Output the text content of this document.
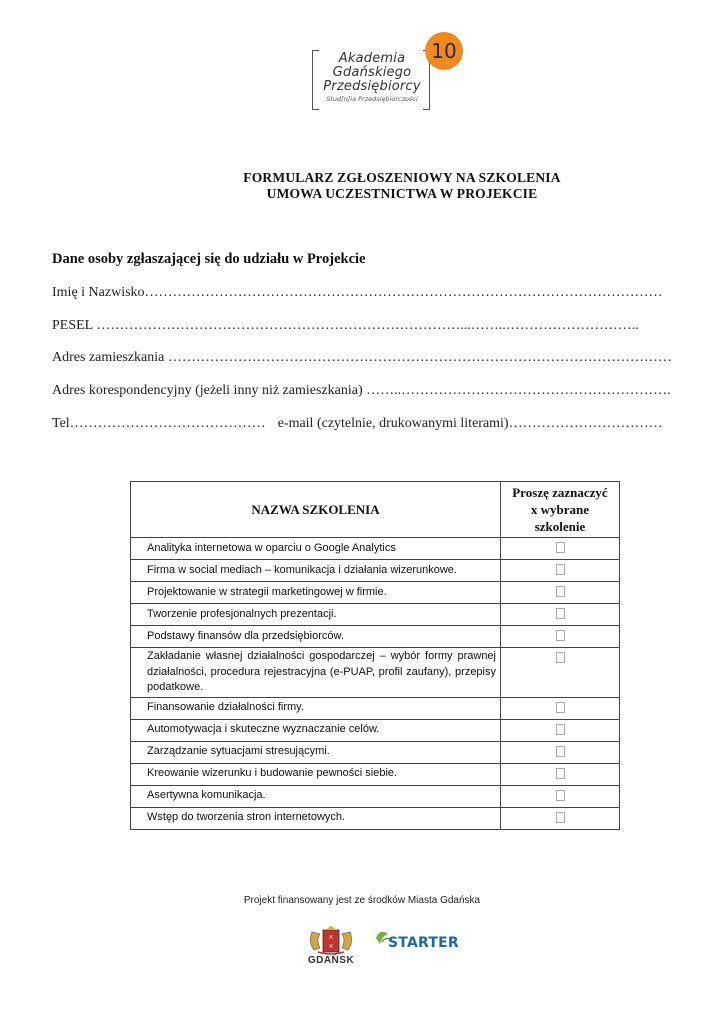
Akademia
Gdańskiego
Przedsiębiorcy
Stud[n]ia Przedsiębiorczości
10
FORMULARZ ZGŁOSZENIOWY NA SZKOLENIA
UMOWA UCZESTNICTWA W PROJEKCIE
Dane osoby zgłaszającej się do udziału w Projekcie
Imię i Nazwisko…………………………………………………………………………………………………
PESEL ……………………………………………………………………...……..………………………..
Adres zamieszkania ………………………………………………………………………………………………
Adres korespondencyjny (jeżeli inny niż zamieszkania) ……..………………………………………………….
Tel…………………………………… e-mail (czytelnie, drukowanymi literami)……………………………
NAZWA SZKOLENIA	Proszę zaznaczyć
x wybrane
szkolenie

Analityka internetowa w oparciu o Google Analytics	
Firma w social mediach – komunikacja i działania wizerunkowe.	
Projektowanie w strategii marketingowej w firmie.	
Tworzenie profesjonalnych prezentacji.	
Podstawy finansów dla przedsiębiorców.	
Zakładanie własnej działalności gospodarczej – wybór formy prawnej działalności, procedura rejestracyjna (e-PUAP, profil zaufany), przepisy podatkowe.	
Finansowanie działalności firmy.	
Automotywacja i skuteczne wyznaczanie celów.	
Zarządzanie sytuacjami stresującymi.	
Kreowanie wizerunku i budowanie pewności siebie.	
Asertywna komunikacja.	
Wstęp do tworzenia stron internetowych.	
Projekt finansowany jest ze środków Miasta Gdańska
✕
✕
GDAŃSK
STARTER
